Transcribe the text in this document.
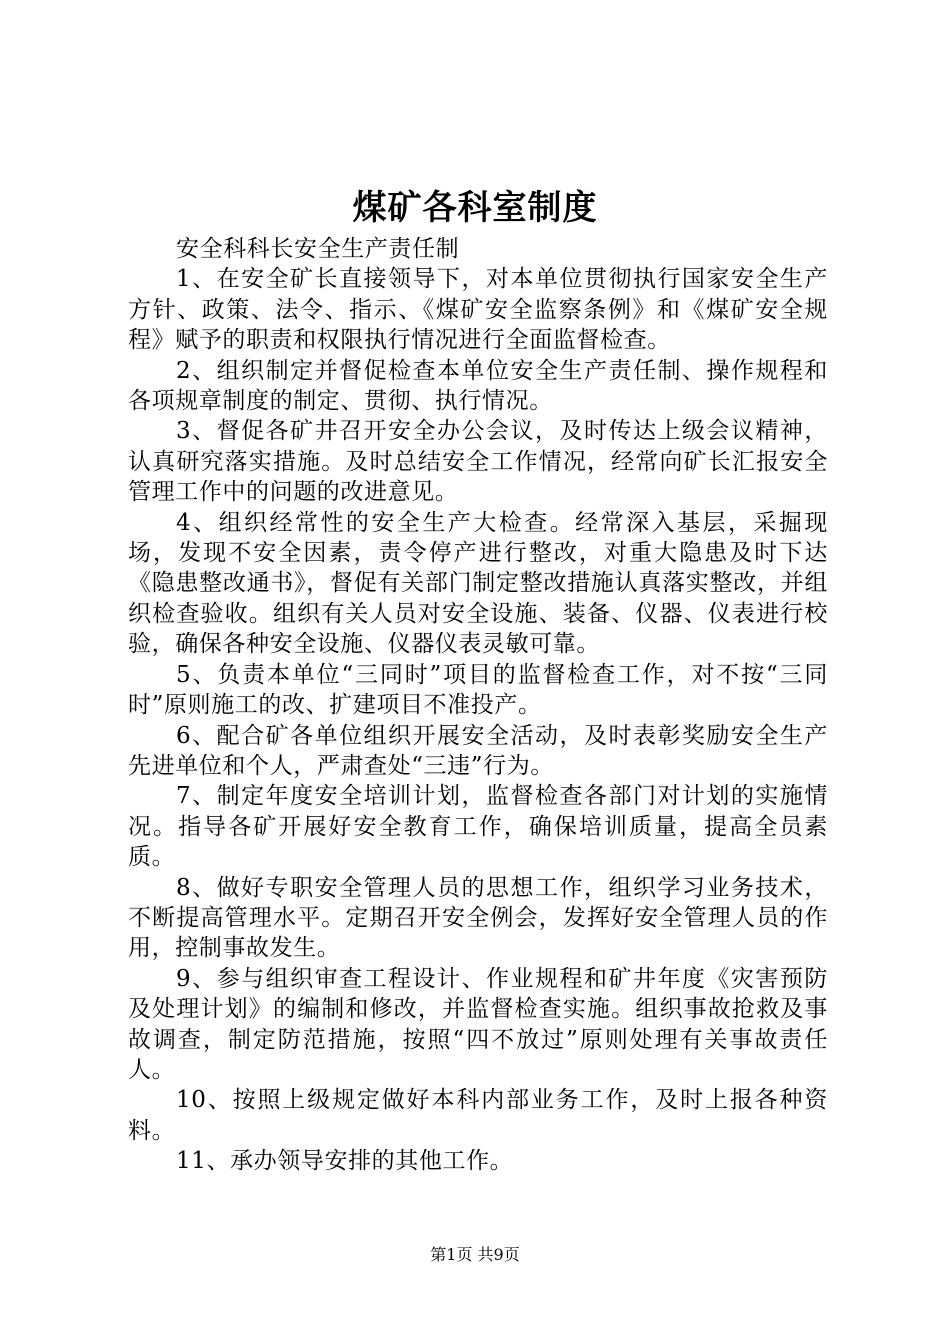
煤矿各科室制度

安全科科长安全生产责任制

1、在安全矿长直接领导下，对本单位贯彻执行国家安全生产方针、政策、法令、指示、《煤矿安全监察条例》和《煤矿安全规程》赋予的职责和权限执行情况进行全面监督检查。

2、组织制定并督促检查本单位安全生产责任制、操作规程和各项规章制度的制定、贯彻、执行情况。

3、督促各矿井召开安全办公会议，及时传达上级会议精神，认真研究落实措施。及时总结安全工作情况，经常向矿长汇报安全管理工作中的问题的改进意见。

4、组织经常性的安全生产大检查。经常深入基层，采掘现场，发现不安全因素，责令停产进行整改，对重大隐患及时下达《隐患整改通书》，督促有关部门制定整改措施认真落实整改，并组织检查验收。组织有关人员对安全设施、装备、仪器、仪表进行校验，确保各种安全设施、仪器仪表灵敏可靠。

5、负责本单位“三同时”项目的监督检查工作，对不按“三同时”原则施工的改、扩建项目不准投产。

6、配合矿各单位组织开展安全活动，及时表彰奖励安全生产先进单位和个人，严肃查处“三违”行为。

7、制定年度安全培训计划，监督检查各部门对计划的实施情况。指导各矿开展好安全教育工作，确保培训质量，提高全员素质。

8、做好专职安全管理人员的思想工作，组织学习业务技术，不断提高管理水平。定期召开安全例会，发挥好安全管理人员的作用，控制事故发生。

9、参与组织审查工程设计、作业规程和矿井年度《灾害预防及处理计划》的编制和修改，并监督检查实施。组织事故抢救及事故调查，制定防范措施，按照“四不放过”原则处理有关事故责任人。

10、按照上级规定做好本科内部业务工作，及时上报各种资料。

11、承办领导安排的其他工作。

第1页 共9页
